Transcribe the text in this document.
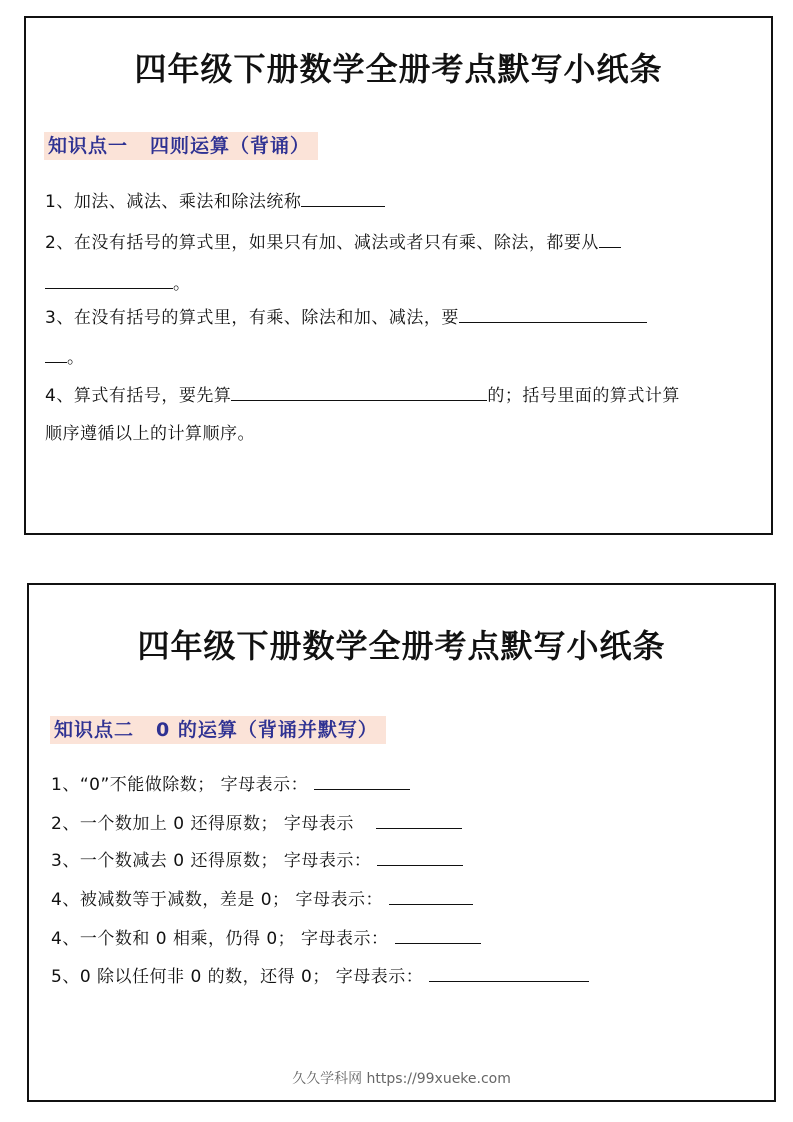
四年级下册数学全册考点默写小纸条
知识点一 四则运算（背诵）
1、加法、减法、乘法和除法统称
2、在没有括号的算式里，如果只有加、减法或者只有乘、除法，都要从
。
3、在没有括号的算式里，有乘、除法和加、减法，要
。
4、算式有括号，要先算	的；括号里面的算式计算
顺序遵循以上的计算顺序。
四年级下册数学全册考点默写小纸条
知识点二 0 的运算（背诵并默写）
1、“0”不能做除数； 字母表示：
2、一个数加上 0 还得原数； 字母表示
3、一个数减去 0 还得原数； 字母表示：
4、被减数等于减数，差是 0； 字母表示：
4、一个数和 0 相乘，仍得 0； 字母表示：
5、0 除以任何非 0 的数，还得 0； 字母表示：
久久学科网 https://99xueke.com
